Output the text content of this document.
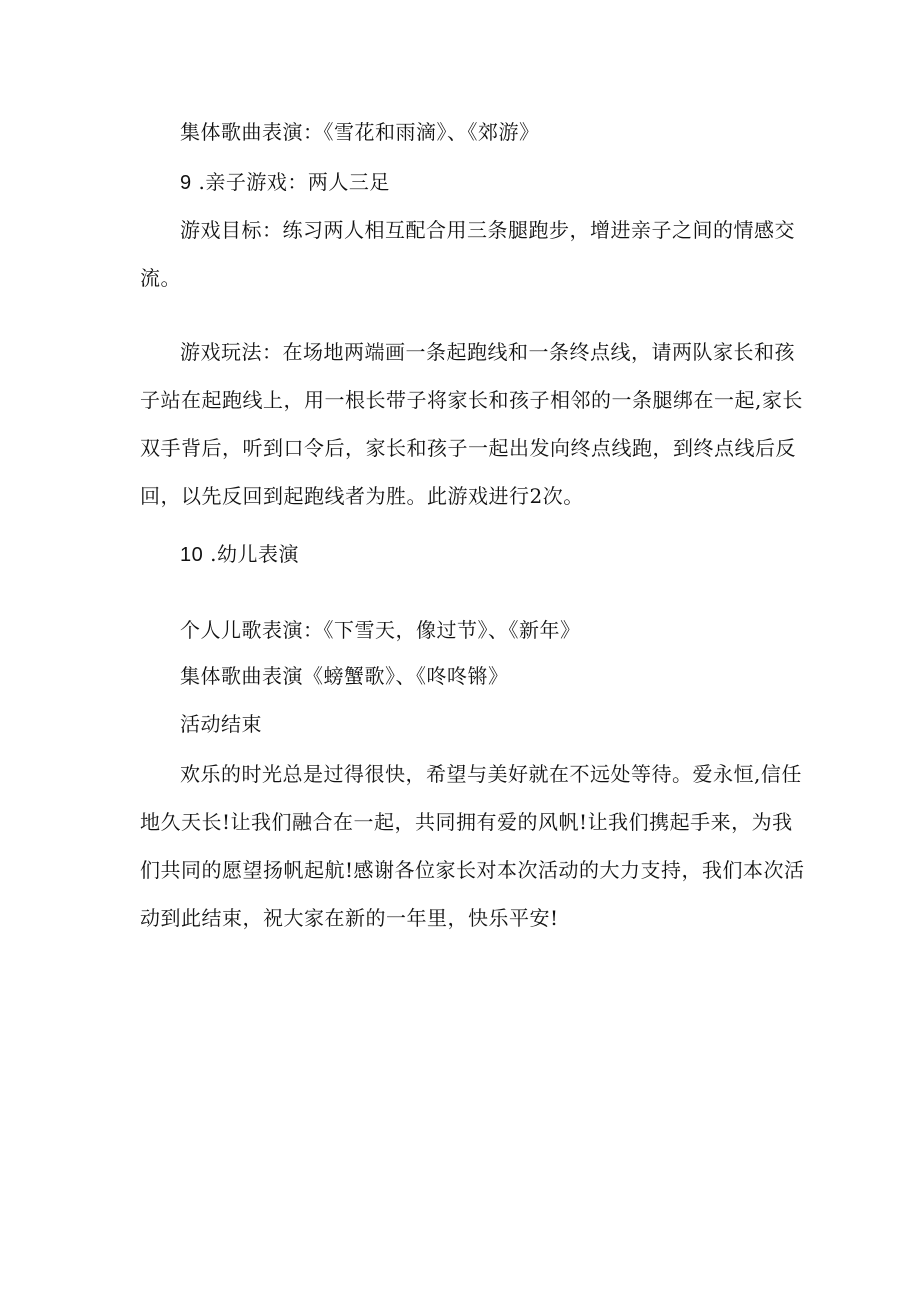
集体歌曲表演：《雪花和雨滴》、《郊游》
9 .亲子游戏：两人三足
游戏目标：练习两人相互配合用三条腿跑步，增进亲子之间的情感交
流。
游戏玩法：在场地两端画一条起跑线和一条终点线，请两队家长和孩
子站在起跑线上，用一根长带子将家长和孩子相邻的一条腿绑在一起,家长
双手背后，听到口令后，家长和孩子一起出发向终点线跑，到终点线后反
回，以先反回到起跑线者为胜。此游戏进行2次。
10 .幼儿表演
个人儿歌表演：《下雪天，像过节》、《新年》
集体歌曲表演《螃蟹歌》、《咚咚锵》
活动结束
欢乐的时光总是过得很快，希望与美好就在不远处等待。爱永恒,信任
地久天长!让我们融合在一起，共同拥有爱的风帆!让我们携起手来，为我
们共同的愿望扬帆起航!感谢各位家长对本次活动的大力支持，我们本次活
动到此结束，祝大家在新的一年里，快乐平安!
